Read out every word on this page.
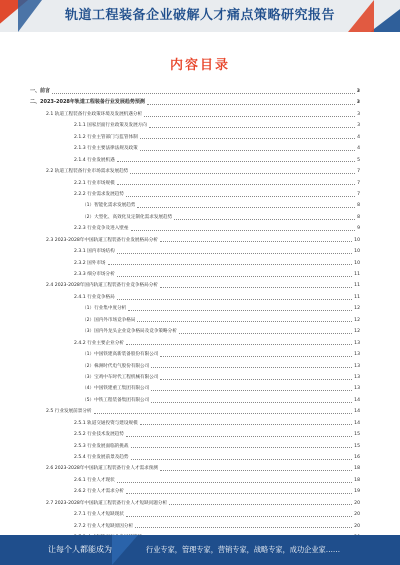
轨道工程装备企业破解人才痛点策略研究报告
内容目录
一、前言	3
二、2023-2028年轨道工程装备行业发展趋势预测	3
2.1 轨道工程装备行业政策环境及发展机遇分析	3
2.1.1 国家层面行业政策及发展方向	3
2.1.2 行业主管部门与监管体制	4
2.1.3 行业主要法律法规及政策	4
2.1.4 行业发展机遇	5
2.2 轨道工程装备行业市场需求发展趋势	7
2.2.1 行业市场规模	7
2.2.2 行业需求发展趋势	7
（1）智能化需求发展趋势	8
（2）大型化、高效化及定制化需求发展趋势	8
2.2.3 行业竞争及进入壁垒	9
2.3 2023-2028年中国轨道工程装备行业发展格局分析	10
2.3.1 国内市场结构	10
2.3.2 国外市场	10
2.3.3 细分市场分析	11
2.4 2023-2028年国内轨道工程装备行业竞争格局分析	11
2.4.1 行业竞争格局	11
（1）行业集中度分析	12
（2）国内外市场竞争格局	12
（3）国内外龙头企业竞争格局及竞争策略分析	12
2.4.2 行业主要企业分析	13
（1）中国铁建高新装备股份有限公司	13
（2）株洲时代电气股份有限公司	13
（3）宝鸡中车时代工程机械有限公司	13
（4）中国铁建重工集团有限公司	13
（5）中铁工程装备集团有限公司	14
2.5 行业发展前景分析	14
2.5.1 轨道交通投资与建设规模	14
2.5.2 行业技术发展趋势	15
2.5.3 行业发展面临的挑战	15
2.5.4 行业发展前景及趋势	16
2.6 2023-2028年中国轨道工程装备行业人才需求预测	18
2.6.1 行业人才现状	18
2.6.2 行业人才需求分析	19
2.7 2023-2028年中国轨道工程装备行业人才短缺问题分析	20
2.7.1 行业人才短缺现状	20
2.7.2 行业人才短缺原因分析	20
让每个人都能成为	行业专家，管理专家，营销专家，战略专家，成功企业家……
